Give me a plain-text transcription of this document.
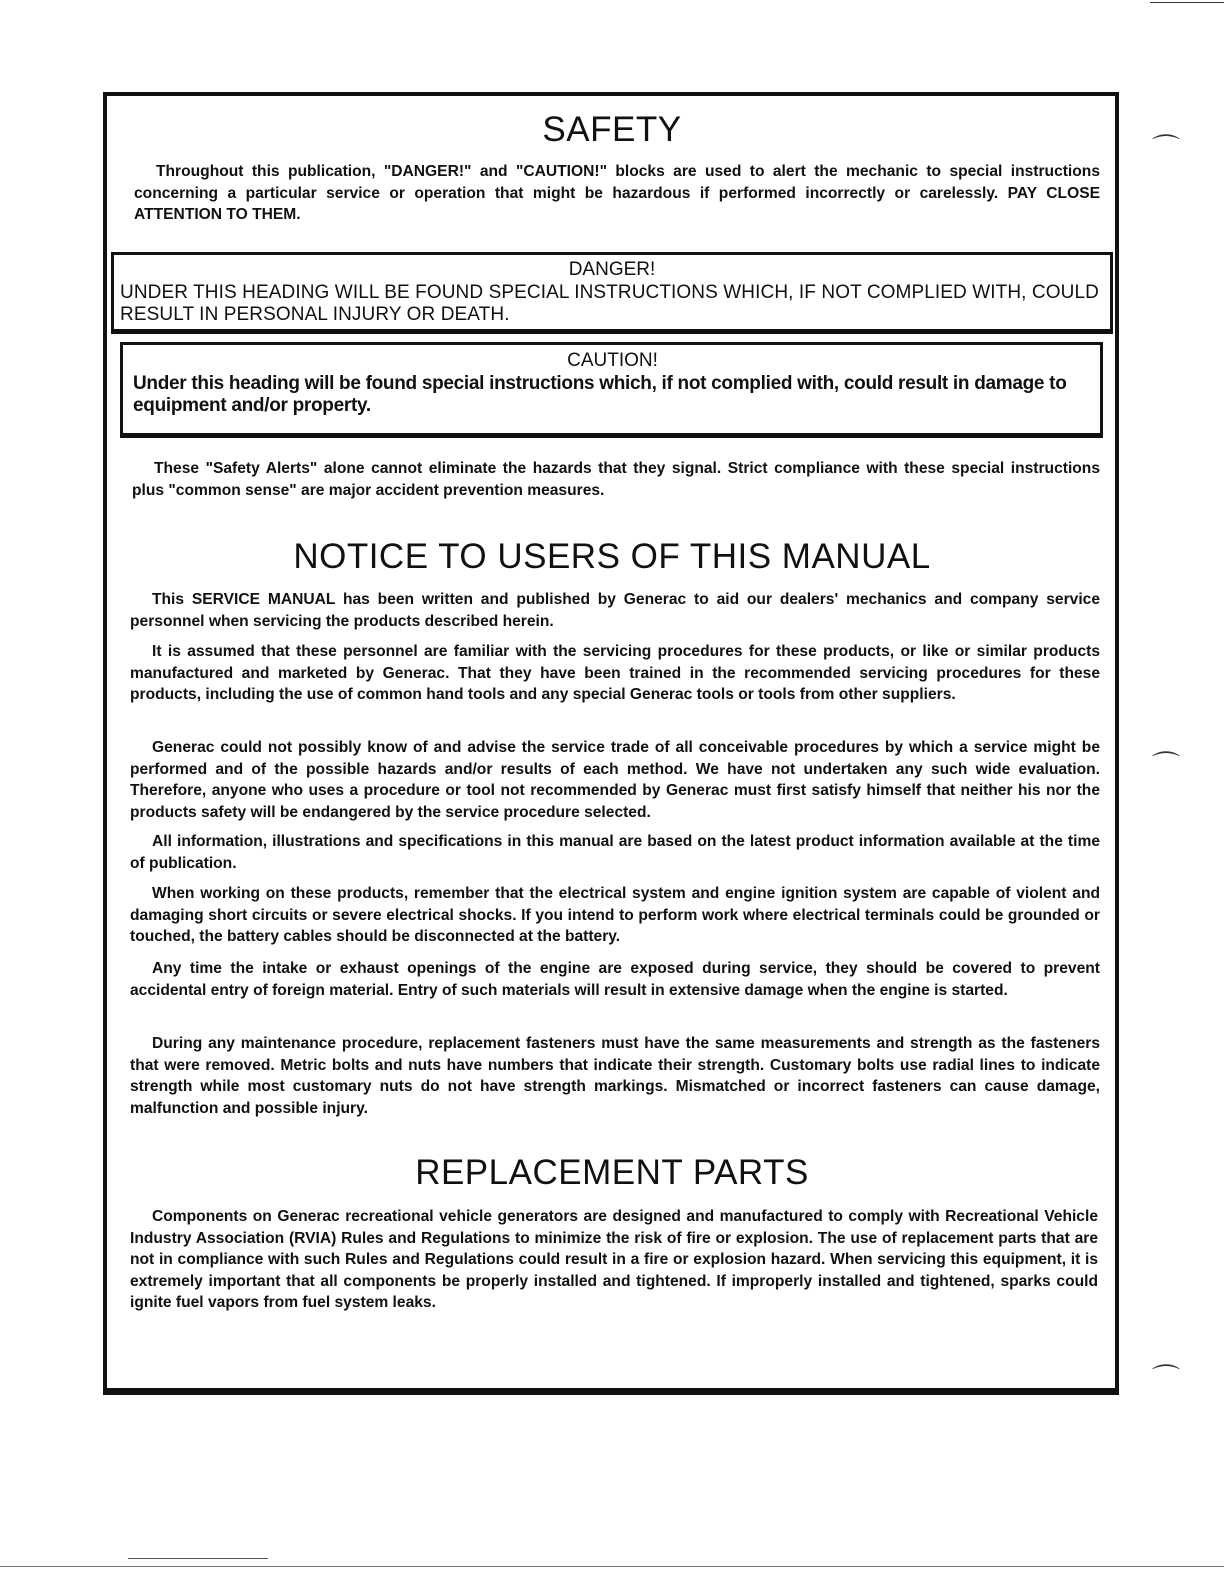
⌒
⌒
⌒
SAFETY

Throughout this publication, "DANGER!" and "CAUTION!" blocks are used to alert the mechanic to special instructions concerning a particular service or operation that might be hazardous if performed incorrectly or carelessly. PAY CLOSE ATTENTION TO THEM.

DANGER!

UNDER THIS HEADING WILL BE FOUND SPECIAL INSTRUCTIONS WHICH, IF NOT COMPLIED WITH, COULD RESULT IN PERSONAL INJURY OR DEATH.

CAUTION!

Under this heading will be found special instructions which, if not complied with, could result in damage to equipment and/or property.

These "Safety Alerts" alone cannot eliminate the hazards that they signal. Strict compliance with these special instructions plus "common sense" are major accident prevention measures.

NOTICE TO USERS OF THIS MANUAL

This SERVICE MANUAL has been written and published by Generac to aid our dealers' mechanics and company service personnel when servicing the products described herein.

It is assumed that these personnel are familiar with the servicing procedures for these products, or like or similar products manufactured and marketed by Generac. That they have been trained in the recommended servicing procedures for these products, including the use of common hand tools and any special Generac tools or tools from other suppliers.

Generac could not possibly know of and advise the service trade of all conceivable procedures by which a service might be performed and of the possible hazards and/or results of each method. We have not undertaken any such wide evaluation. Therefore, anyone who uses a procedure or tool not recommended by Generac must first satisfy himself that neither his nor the products safety will be endangered by the service procedure selected.

All information, illustrations and specifications in this manual are based on the latest product information available at the time of publication.

When working on these products, remember that the electrical system and engine ignition system are capable of violent and damaging short circuits or severe electrical shocks. If you intend to perform work where electrical terminals could be grounded or touched, the battery cables should be disconnected at the battery.

Any time the intake or exhaust openings of the engine are exposed during service, they should be covered to prevent accidental entry of foreign material. Entry of such materials will result in extensive damage when the engine is started.

During any maintenance procedure, replacement fasteners must have the same measurements and strength as the fasteners that were removed. Metric bolts and nuts have numbers that indicate their strength. Customary bolts use radial lines to indicate strength while most customary nuts do not have strength markings. Mismatched or incorrect fasteners can cause damage, malfunction and possible injury.

REPLACEMENT PARTS

Components on Generac recreational vehicle generators are designed and manufactured to comply with Recreational Vehicle Industry Association (RVIA) Rules and Regulations to minimize the risk of fire or explosion. The use of replacement parts that are not in compliance with such Rules and Regulations could result in a fire or explosion hazard. When servicing this equipment, it is extremely important that all components be properly installed and tightened. If improperly installed and tightened, sparks could ignite fuel vapors from fuel system leaks.
